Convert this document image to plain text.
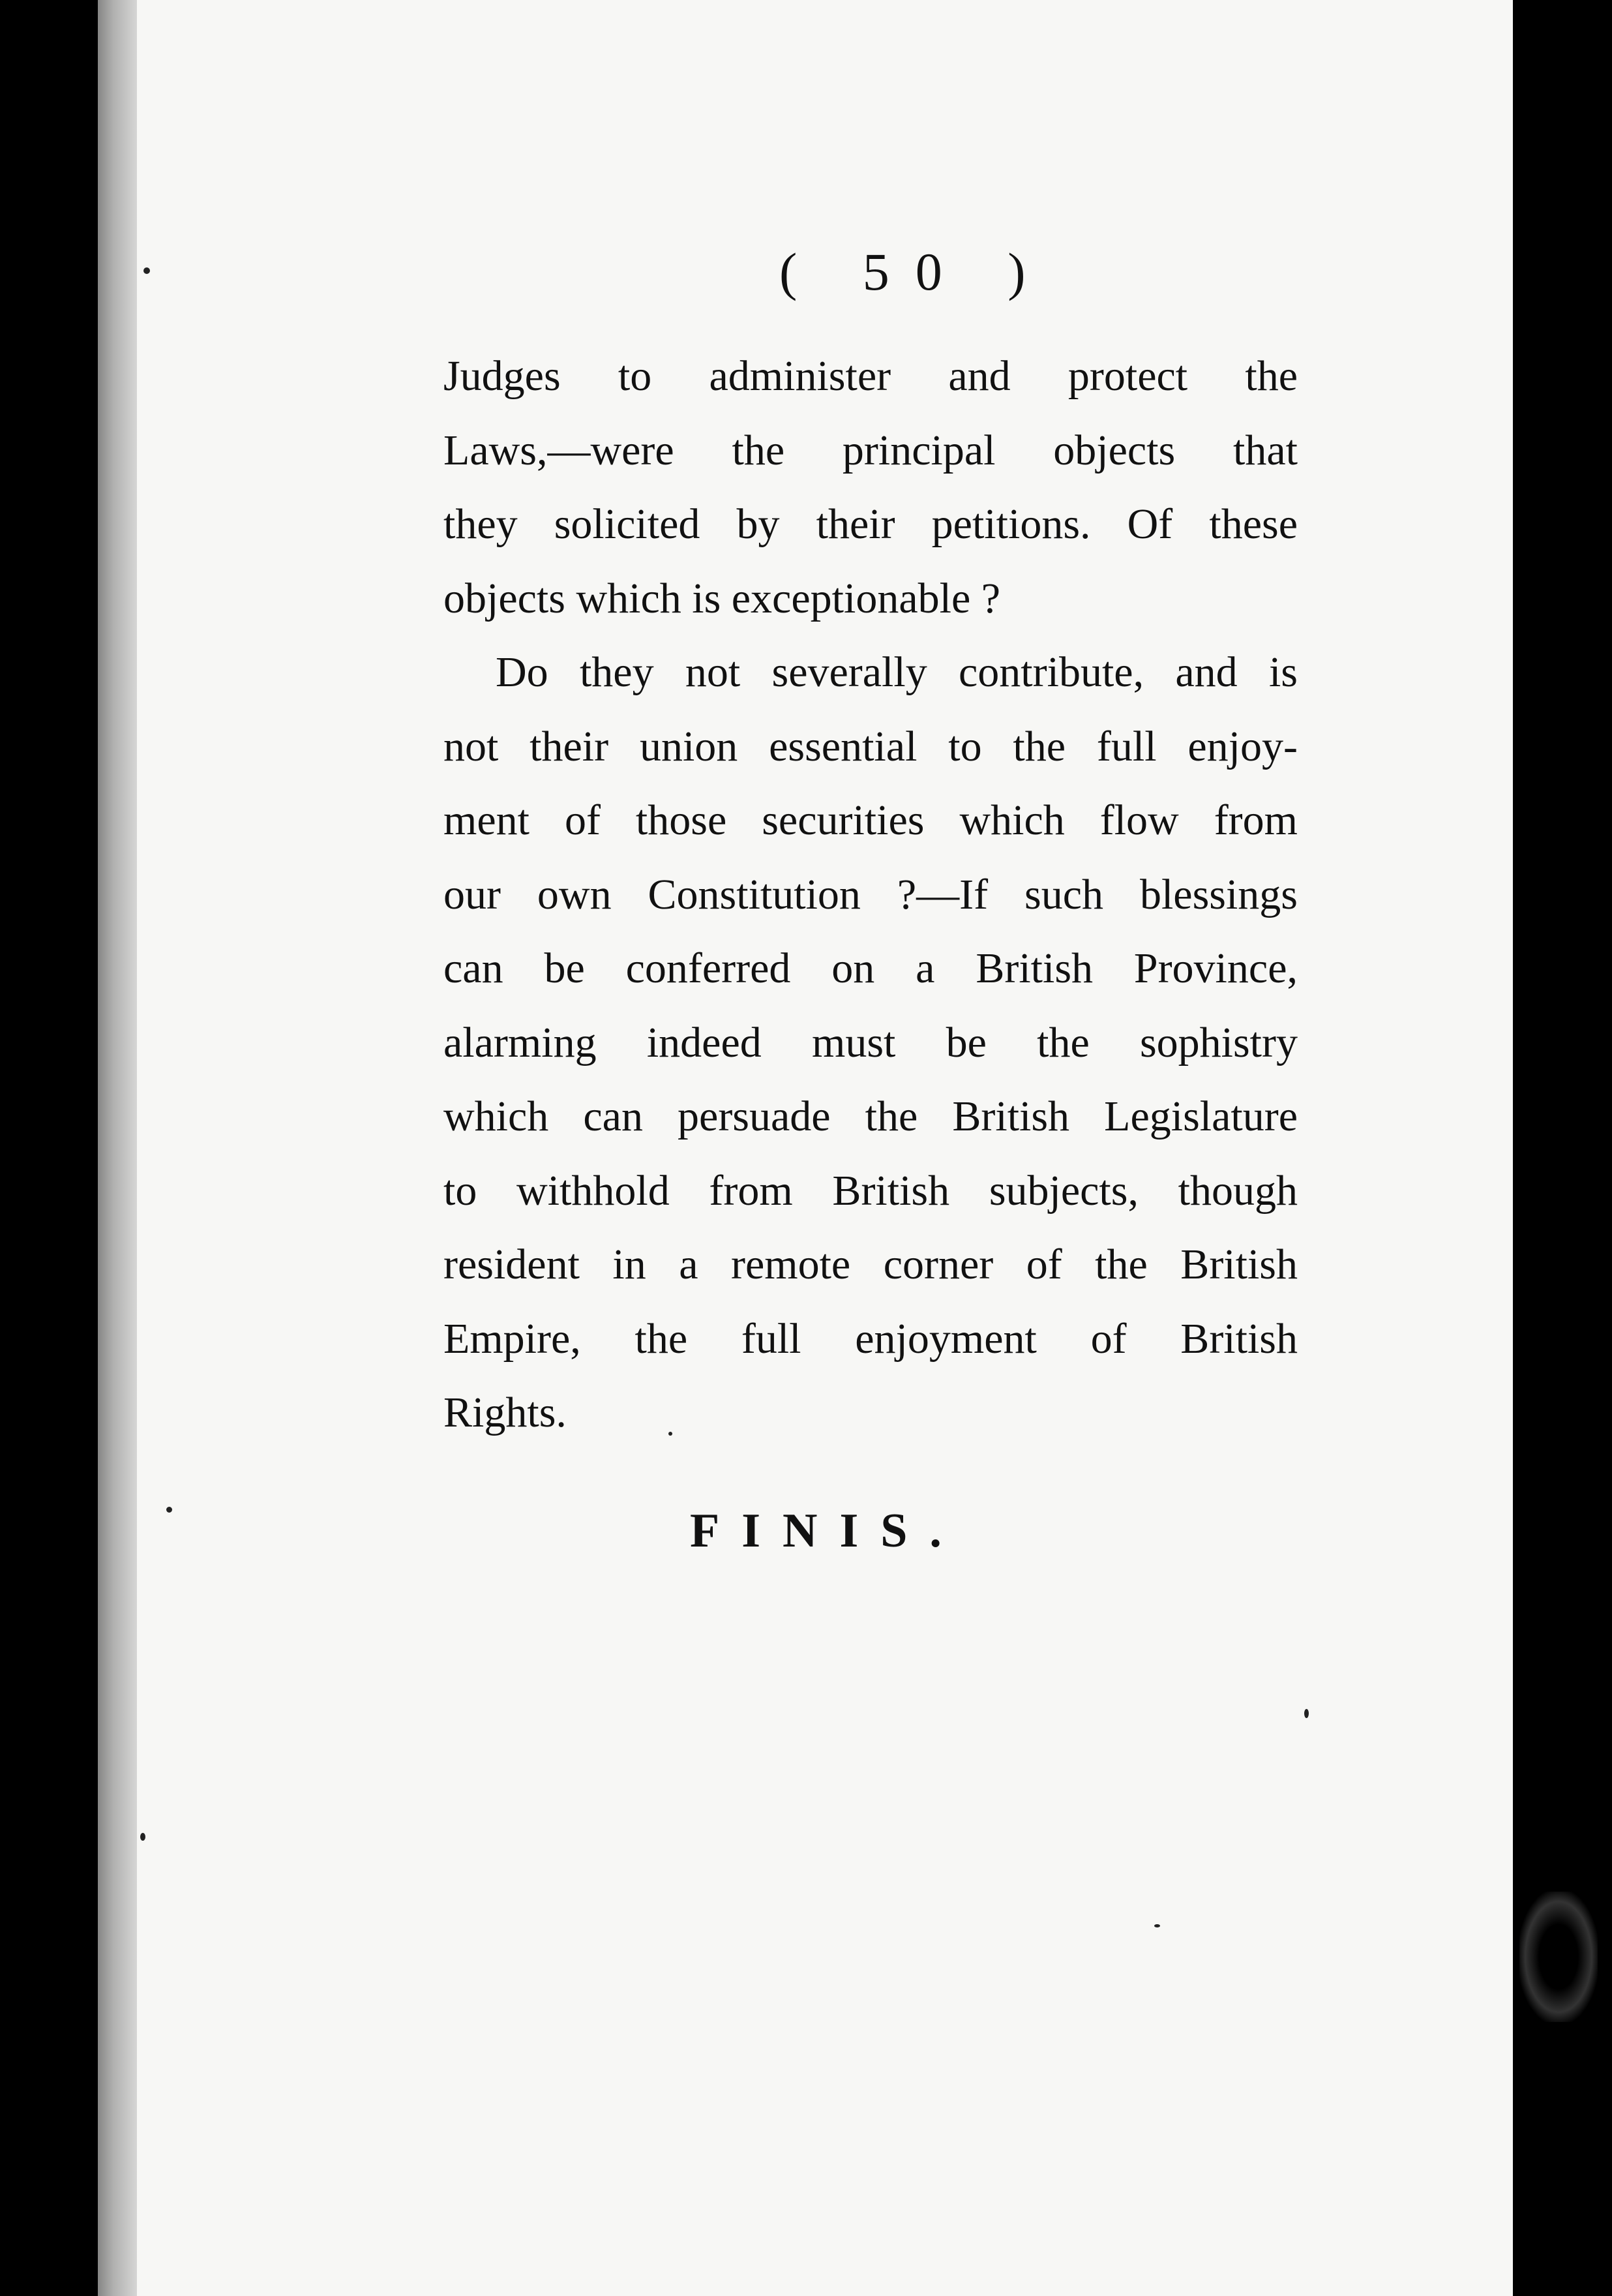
( 50 )
Judges to administer and protect the
Laws,—were the principal objects that
they solicited by their petitions. Of these
objects which is exceptionable ?
Do they not severally contribute, and is
not their union essential to the full enjoy-
ment of those securities which flow from
our own Constitution ?—If such blessings
can be conferred on a British Province,
alarming indeed must be the sophistry
which can persuade the British Legislature
to withhold from British subjects, though
resident in a remote corner of the British
Empire, the full enjoyment of British
Rights.
FINIS.
